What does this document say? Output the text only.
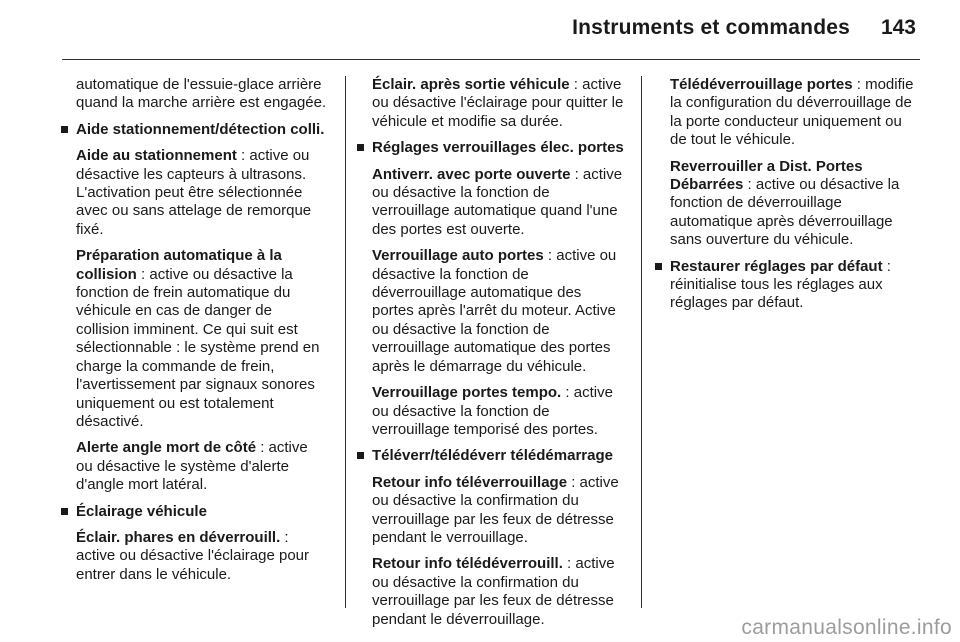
Instruments et commandes 143

automatique de l'essuie-glace arrière quand la marche arrière est engagée.

Aide stationnement/détection colli.

Aide au stationnement : active ou désactive les capteurs à ultrasons. L'activation peut être sélectionnée avec ou sans attelage de remorque fixé.

Préparation automatique à la collision : active ou désactive la fonction de frein automatique du véhicule en cas de danger de collision imminent. Ce qui suit est sélectionnable : le système prend en charge la commande de frein, l'avertissement par signaux sonores uniquement ou est totalement désactivé.

Alerte angle mort de côté : active ou désactive le système d'alerte d'angle mort latéral.

Éclairage véhicule

Éclair. phares en déverrouill. : active ou désactive l'éclairage pour entrer dans le véhicule.

Éclair. après sortie véhicule : active ou désactive l'éclairage pour quitter le véhicule et modifie sa durée.

Réglages verrouillages élec. portes

Antiverr. avec porte ouverte : active ou désactive la fonction de verrouillage automatique quand l'une des portes est ouverte.

Verrouillage auto portes : active ou désactive la fonction de déverrouillage automatique des portes après l'arrêt du moteur. Active ou désactive la fonction de verrouillage automatique des portes après le démarrage du véhicule.

Verrouillage portes tempo. : active ou désactive la fonction de verrouillage temporisé des portes.

Téléverr/télédéverr télédémarrage

Retour info téléverrouillage : active ou désactive la confirmation du verrouillage par les feux de détresse pendant le verrouillage.

Retour info télédéverrouill. : active ou désactive la confirmation du verrouillage par les feux de détresse pendant le déverrouillage.

Télédéverrouillage portes : modifie la configuration du déverrouillage de la porte conducteur uniquement ou de tout le véhicule.

Reverrouiller a Dist. Portes Débarrées : active ou désactive la fonction de déverrouillage automatique après déverrouillage sans ouverture du véhicule.

Restaurer réglages par défaut : réinitialise tous les réglages aux réglages par défaut.
carmanualsonline.info
